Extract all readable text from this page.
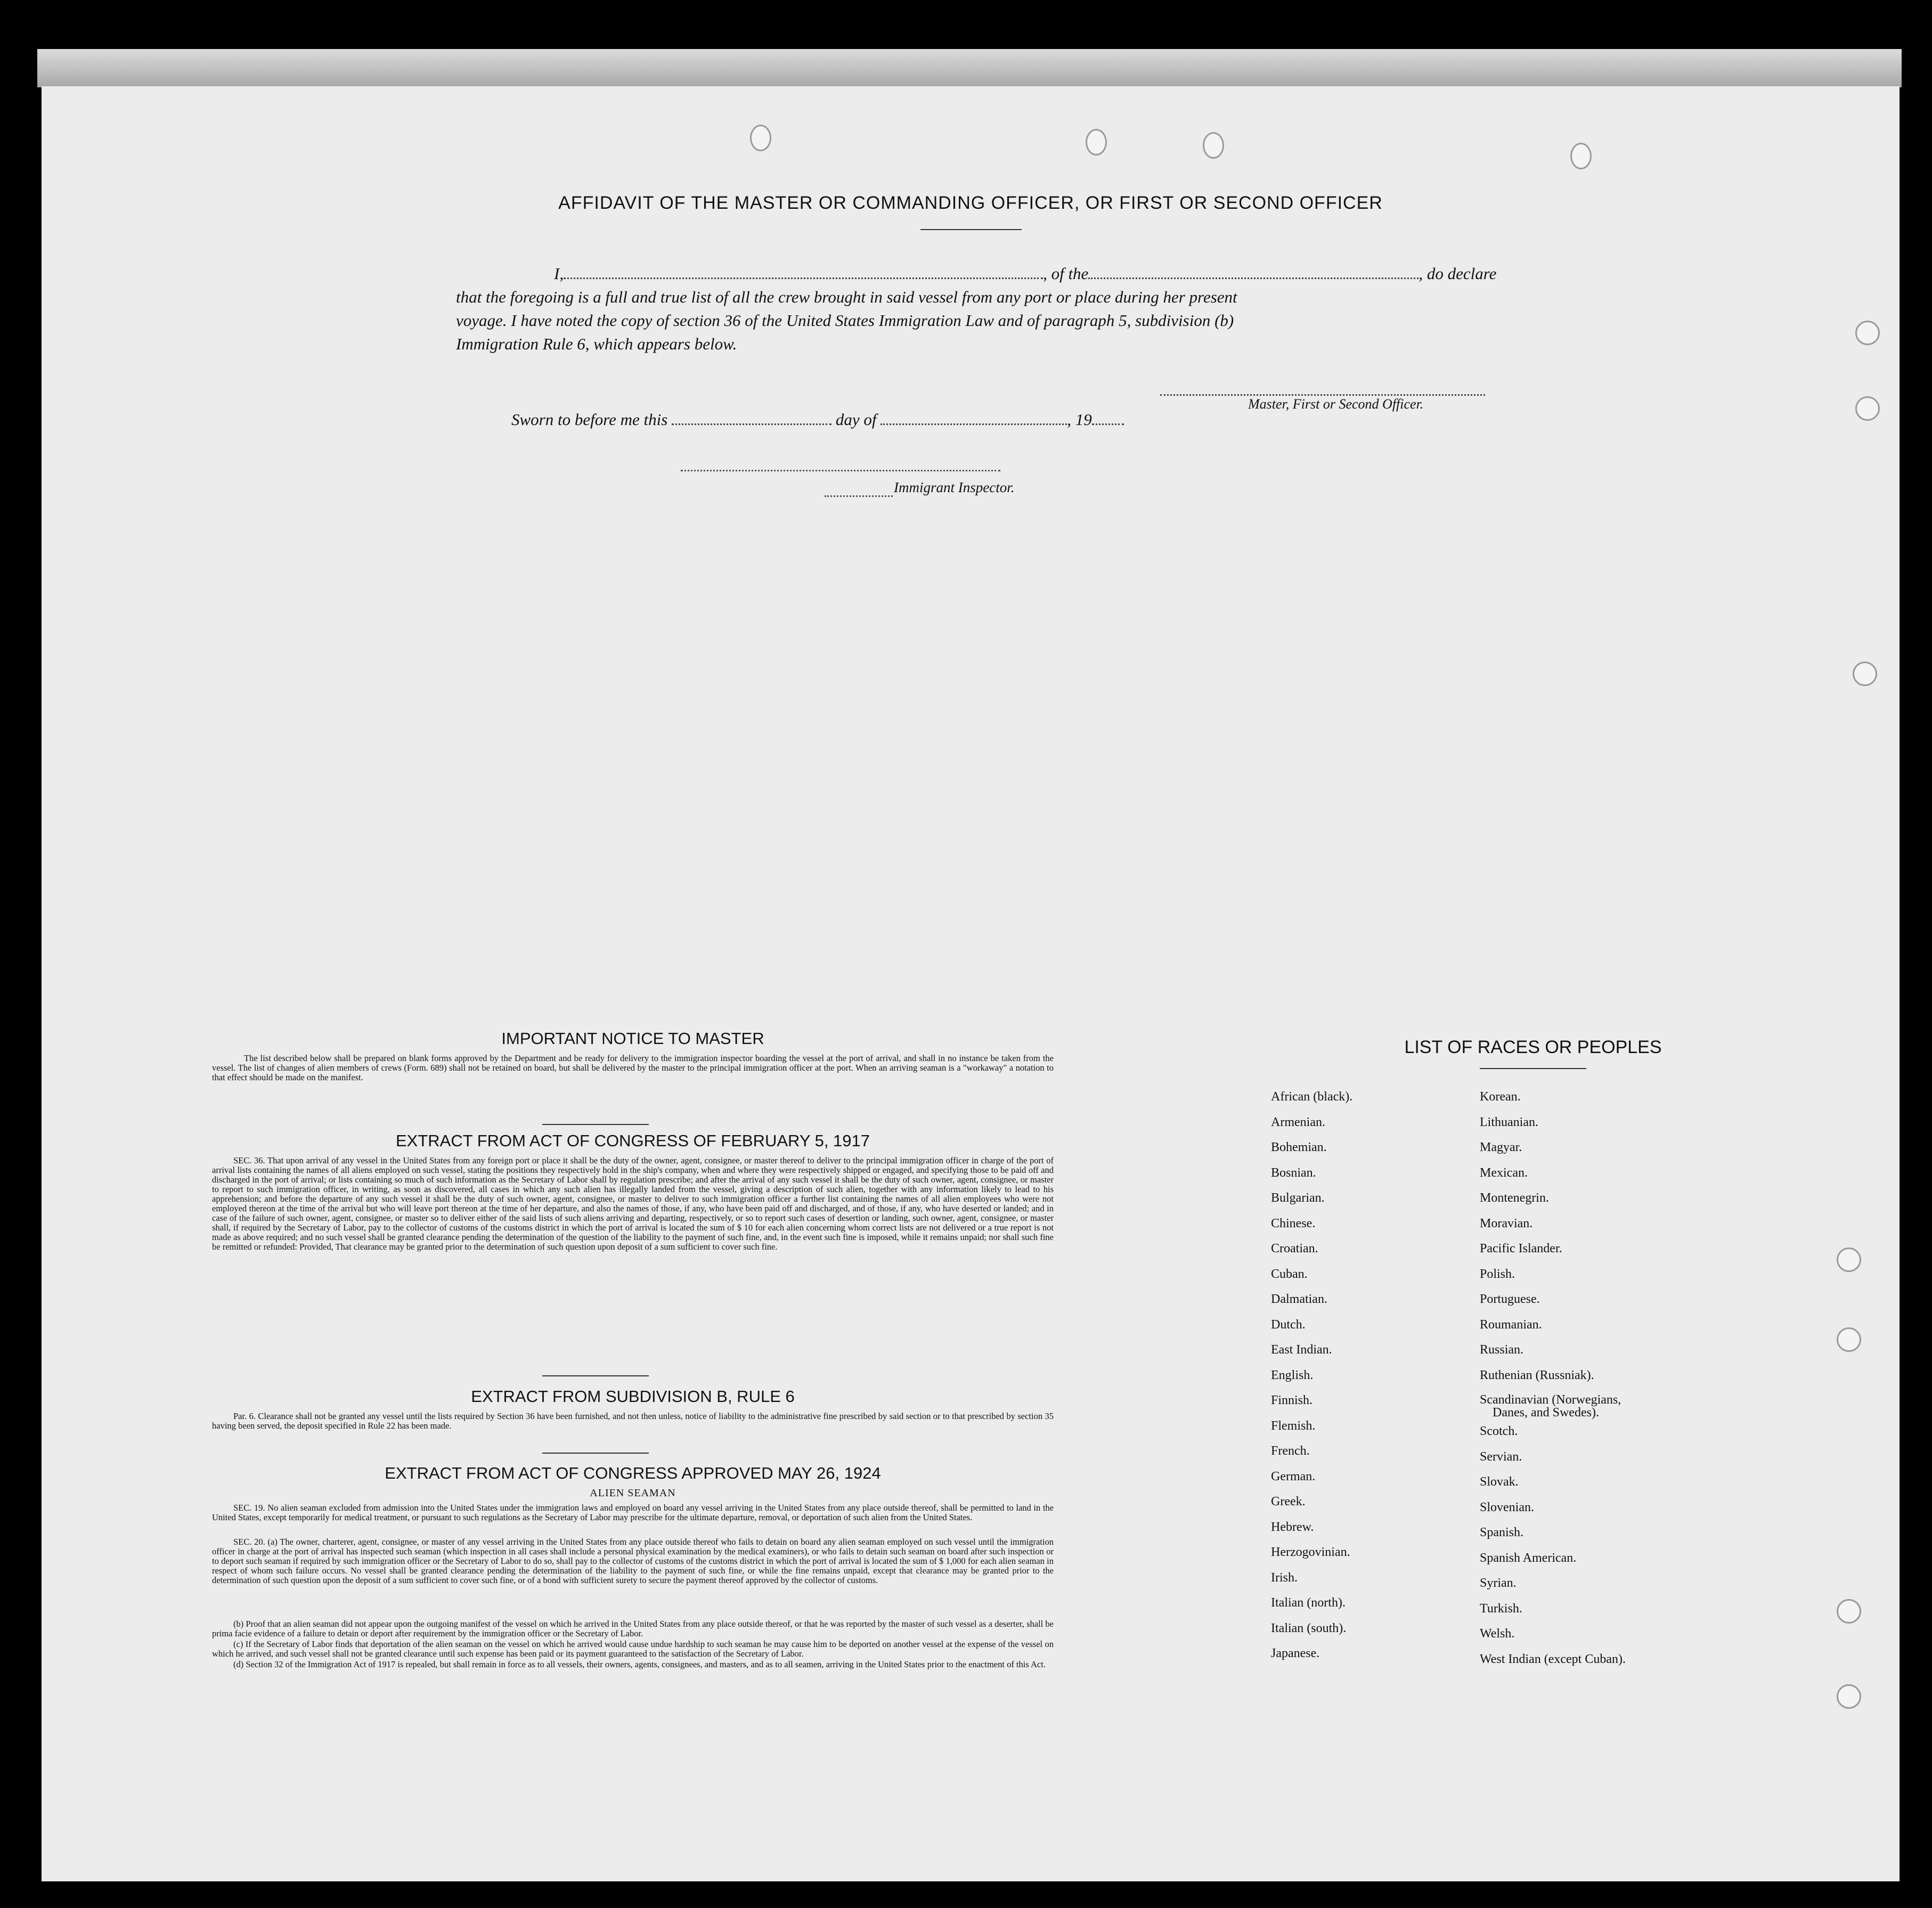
AFFIDAVIT OF THE MASTER OR COMMANDING OFFICER, OR FIRST OR SECOND OFFICER
I,	, of the	, do declare
that the foregoing is a full and true list of all the crew brought in said vessel from any port or place during her present
voyage. I have noted the copy of section 36 of the United States Immigration Law and of paragraph 5, subdivision (b)
Immigration Rule 6, which appears below.
Master, First or Second Officer.
Sworn to before me this	day of	, 19
Immigrant Inspector.
IMPORTANT NOTICE TO MASTER
The list described below shall be prepared on blank forms approved by the Department and be ready for delivery to the immigration inspector boarding the vessel at the port of arrival, and shall in no instance be taken from the vessel. The list of changes of alien members of crews (Form. 689) shall not be retained on board, but shall be delivered by the master to the principal immigration officer at the port. When an arriving seaman is a "workaway" a notation to that effect should be made on the manifest.
EXTRACT FROM ACT OF CONGRESS OF FEBRUARY 5, 1917
SEC. 36. That upon arrival of any vessel in the United States from any foreign port or place it shall be the duty of the owner, agent, consignee, or master thereof to deliver to the principal immigration officer in charge of the port of arrival lists containing the names of all aliens employed on such vessel, stating the positions they respectively hold in the ship's company, when and where they were respectively shipped or engaged, and specifying those to be paid off and discharged in the port of arrival; or lists containing so much of such information as the Secretary of Labor shall by regulation prescribe; and after the arrival of any such vessel it shall be the duty of such owner, agent, consignee, or master to report to such immigration officer, in writing, as soon as discovered, all cases in which any such alien has illegally landed from the vessel, giving a description of such alien, together with any information likely to lead to his apprehension; and before the departure of any such vessel it shall be the duty of such owner, agent, consignee, or master to deliver to such immigration officer a further list containing the names of all alien employees who were not employed thereon at the time of the arrival but who will leave port thereon at the time of her departure, and also the names of those, if any, who have been paid off and discharged, and of those, if any, who have deserted or landed; and in case of the failure of such owner, agent, consignee, or master so to deliver either of the said lists of such aliens arriving and departing, respectively, or so to report such cases of desertion or landing, such owner, agent, consignee, or master shall, if required by the Secretary of Labor, pay to the collector of customs of the customs district in which the port of arrival is located the sum of $ 10 for each alien concerning whom correct lists are not delivered or a true report is not made as above required; and no such vessel shall be granted clearance pending the determination of the question of the liability to the payment of such fine, and, in the event such fine is imposed, while it remains unpaid; nor shall such fine be remitted or refunded: Provided, That clearance may be granted prior to the determination of such question upon deposit of a sum sufficient to cover such fine.
EXTRACT FROM SUBDIVISION B, RULE 6
Par. 6. Clearance shall not be granted any vessel until the lists required by Section 36 have been furnished, and not then unless, notice of liability to the administrative fine prescribed by said section or to that prescribed by section 35 having been served, the deposit specified in Rule 22 has been made.
EXTRACT FROM ACT OF CONGRESS APPROVED MAY 26, 1924
ALIEN SEAMAN
SEC. 19. No alien seaman excluded from admission into the United States under the immigration laws and employed on board any vessel arriving in the United States from any place outside thereof, shall be permitted to land in the United States, except temporarily for medical treatment, or pursuant to such regulations as the Secretary of Labor may prescribe for the ultimate departure, removal, or deportation of such alien from the United States.
SEC. 20. (a) The owner, charterer, agent, consignee, or master of any vessel arriving in the United States from any place outside thereof who fails to detain on board any alien seaman employed on such vessel until the immigration officer in charge at the port of arrival has inspected such seaman (which inspection in all cases shall include a personal physical examination by the medical examiners), or who fails to detain such seaman on board after such inspection or to deport such seaman if required by such immigration officer or the Secretary of Labor to do so, shall pay to the collector of customs of the customs district in which the port of arrival is located the sum of $ 1,000 for each alien seaman in respect of whom such failure occurs. No vessel shall be granted clearance pending the determination of the liability to the payment of such fine, or while the fine remains unpaid, except that clearance may be granted prior to the determination of such question upon the deposit of a sum sufficient to cover such fine, or of a bond with sufficient surety to secure the payment thereof approved by the collector of customs.
(b) Proof that an alien seaman did not appear upon the outgoing manifest of the vessel on which he arrived in the United States from any place outside thereof, or that he was reported by the master of such vessel as a deserter, shall be prima facie evidence of a failure to detain or deport after requirement by the immigration officer or the Secretary of Labor.
(c) If the Secretary of Labor finds that deportation of the alien seaman on the vessel on which he arrived would cause undue hardship to such seaman he may cause him to be deported on another vessel at the expense of the vessel on which he arrived, and such vessel shall not be granted clearance until such expense has been paid or its payment guaranteed to the satisfaction of the Secretary of Labor.
(d) Section 32 of the Immigration Act of 1917 is repealed, but shall remain in force as to all vessels, their owners, agents, consignees, and masters, and as to all seamen, arriving in the United States prior to the enactment of this Act.
LIST OF RACES OR PEOPLES
African (black).
Armenian.
Bohemian.
Bosnian.
Bulgarian.
Chinese.
Croatian.
Cuban.
Dalmatian.
Dutch.
East Indian.
English.
Finnish.
Flemish.
French.
German.
Greek.
Hebrew.
Herzogovinian.
Irish.
Italian (north).
Italian (south).
Japanese.
Korean.
Lithuanian.
Magyar.
Mexican.
Montenegrin.
Moravian.
Pacific Islander.
Polish.
Portuguese.
Roumanian.
Russian.
Ruthenian (Russniak).
Scandinavian (Norwegians,
Danes, and Swedes).
Scotch.
Servian.
Slovak.
Slovenian.
Spanish.
Spanish American.
Syrian.
Turkish.
Welsh.
West Indian (except Cuban).
